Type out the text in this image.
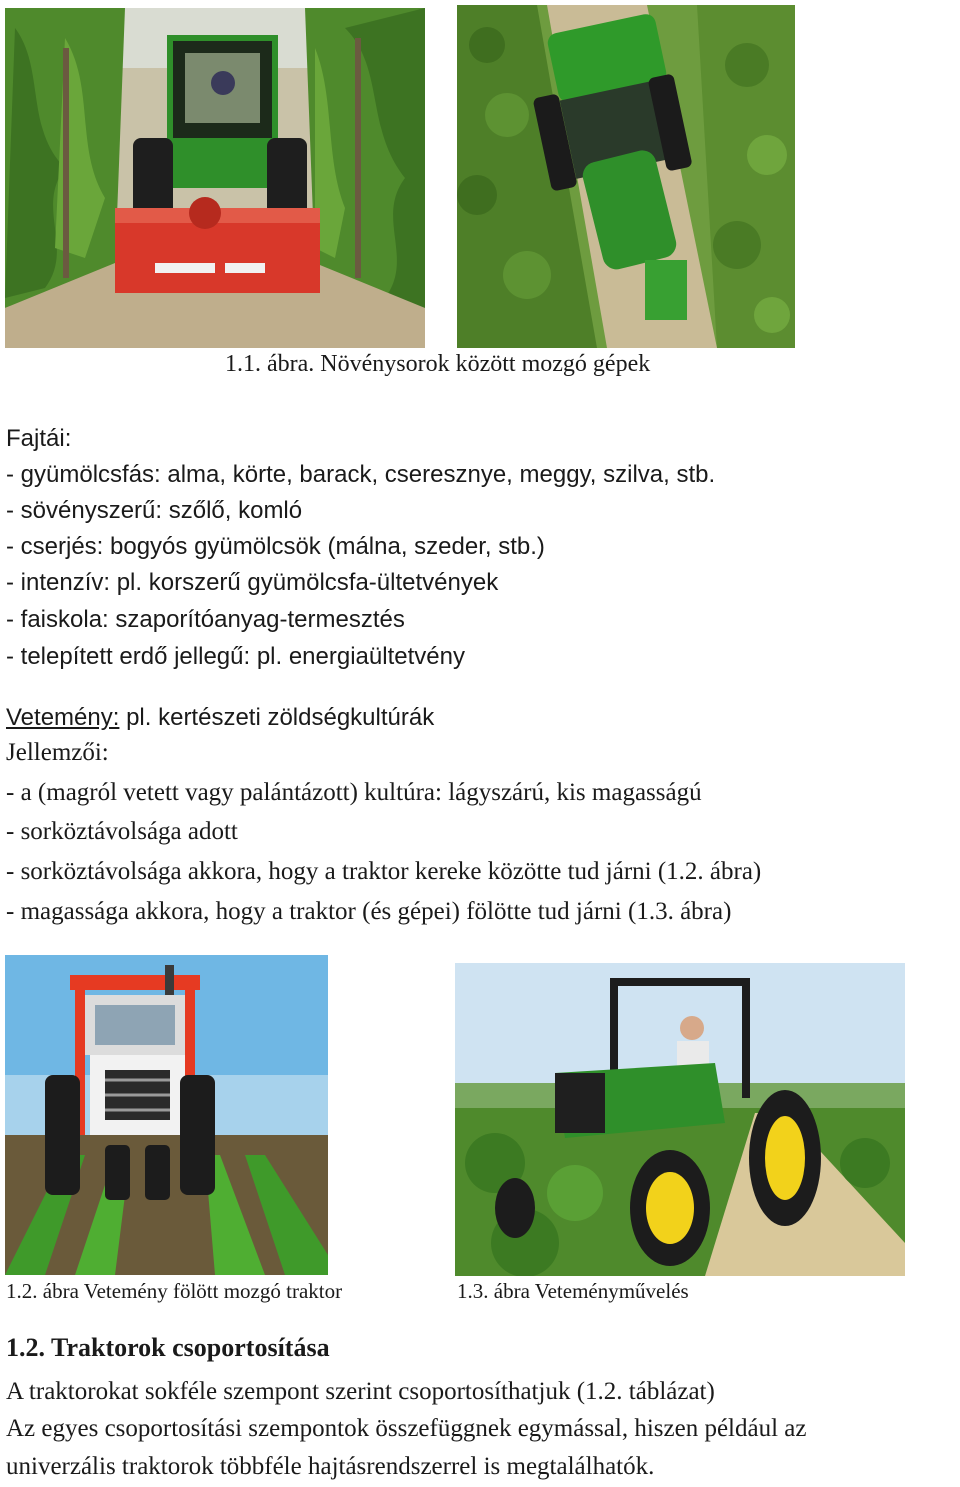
1.1. ábra. Növénysorok között mozgó gépek
Fajtái:
- gyümölcsfás: alma, körte, barack, cseresznye, meggy, szilva, stb.
- sövényszerű: szőlő, komló
- cserjés: bogyós gyümölcsök (málna, szeder, stb.)
- intenzív: pl. korszerű gyümölcsfa-ültetvények
- faiskola: szaporítóanyag-termesztés
- telepített erdő jellegű: pl. energiaültetvény
Vetemény: pl. kertészeti zöldségkultúrák
Jellemzői:
- a (magról vetett vagy palántázott) kultúra: lágyszárú, kis magasságú
- sorköztávolsága adott
- sorköztávolsága akkora, hogy a traktor kereke közötte tud járni (1.2. ábra)
- magassága akkora, hogy a traktor (és gépei) fölötte tud járni (1.3. ábra)
1.2. ábra Vetemény fölött mozgó traktor	1.3. ábra Veteményművelés
1.2. Traktorok csoportosítása
A traktorokat sokféle szempont szerint csoportosíthatjuk (1.2. táblázat)
Az egyes csoportosítási szempontok összefüggnek egymással, hiszen például az
univerzális traktorok többféle hajtásrendszerrel is megtalálhatók.
